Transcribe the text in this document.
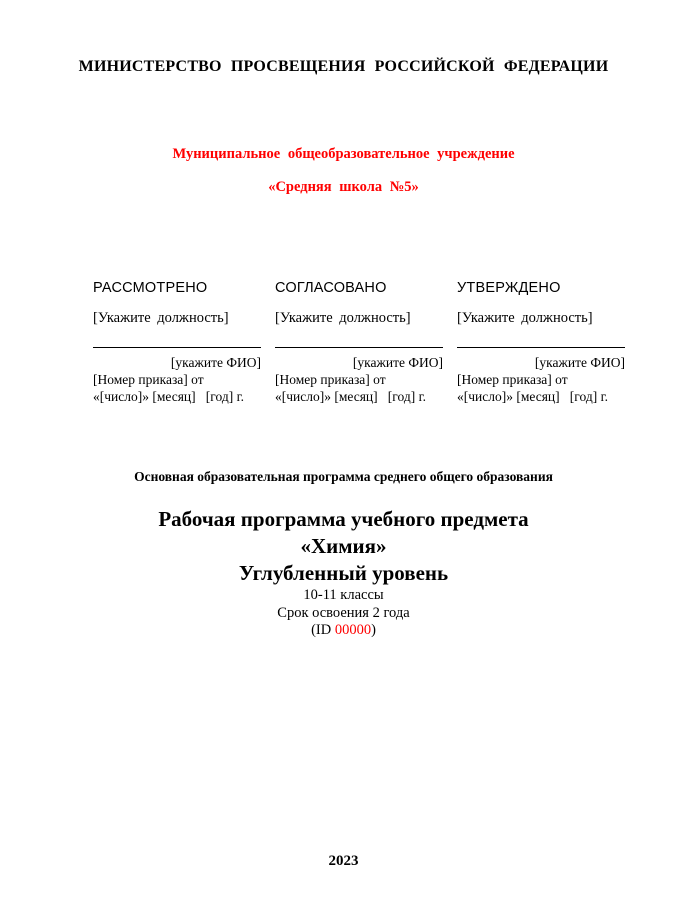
МИНИСТЕРСТВО ПРОСВЕЩЕНИЯ РОССИЙСКОЙ ФЕДЕРАЦИИ
Муниципальное общеобразовательное учреждение
«Средняя школа №5»
РАССМОТРЕНО
[Укажите должность]
[укажите ФИО]
[Номер приказа] от
«[число]» [месяц]   [год] г.
СОГЛАСОВАНО
[Укажите должность]
[укажите ФИО]
[Номер приказа] от
«[число]» [месяц]   [год] г.
УТВЕРЖДЕНО
[Укажите должность]
[укажите ФИО]
[Номер приказа] от
«[число]» [месяц]   [год] г.
Основная образовательная программа среднего общего образования
Рабочая программа учебного предмета
«Химия»
Углубленный уровень
10-11 классы
Срок освоения 2 года
(ID 00000)
2023
